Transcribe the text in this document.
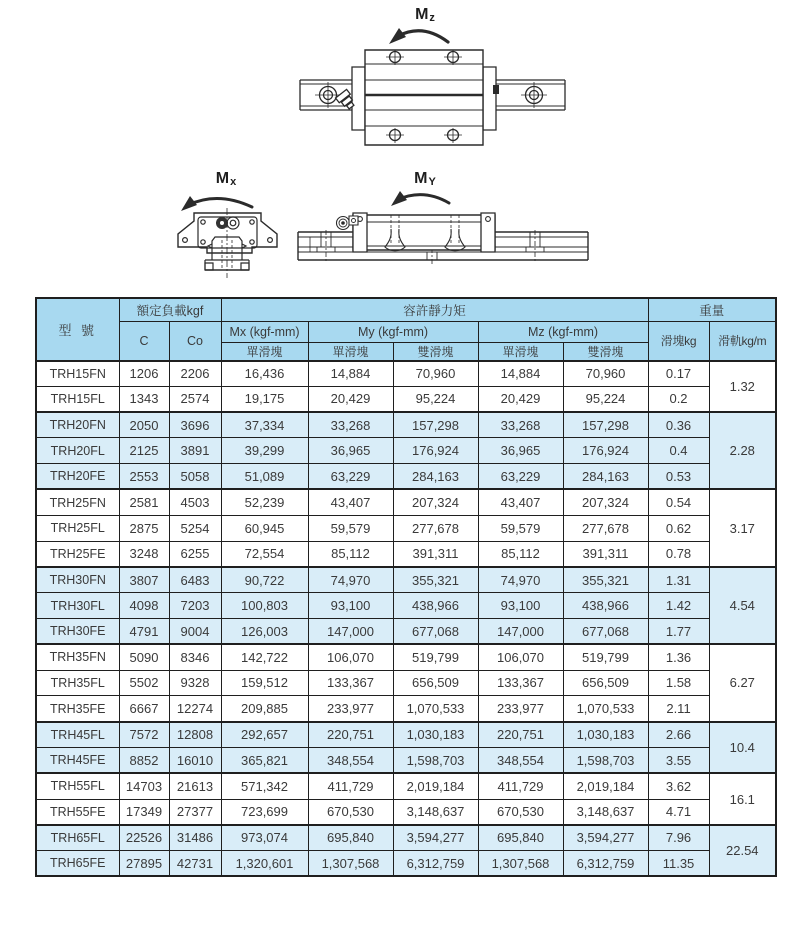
Mz
Mx	MY
型 號	額定負載kgf		容許靜力矩					重量	
	C	Co	Mx (kgf-mm)	My (kgf-mm)		Mz (kgf-mm)		滑塊kg	滑軌kg/m
			單滑塊	單滑塊	雙滑塊	單滑塊	雙滑塊		
TRH15FN	1206	2206	16,436	14,884	70,960	14,884	70,960	0.17	1.32
TRH15FL	1343	2574	19,175	20,429	95,224	20,429	95,224	0.2	
TRH20FN	2050	3696	37,334	33,268	157,298	33,268	157,298	0.36	2.28
TRH20FL	2125	3891	39,299	36,965	176,924	36,965	176,924	0.4	
TRH20FE	2553	5058	51,089	63,229	284,163	63,229	284,163	0.53	
TRH25FN	2581	4503	52,239	43,407	207,324	43,407	207,324	0.54	3.17
TRH25FL	2875	5254	60,945	59,579	277,678	59,579	277,678	0.62	
TRH25FE	3248	6255	72,554	85,112	391,311	85,112	391,311	0.78	
TRH30FN	3807	6483	90,722	74,970	355,321	74,970	355,321	1.31	4.54
TRH30FL	4098	7203	100,803	93,100	438,966	93,100	438,966	1.42	
TRH30FE	4791	9004	126,003	147,000	677,068	147,000	677,068	1.77	
TRH35FN	5090	8346	142,722	106,070	519,799	106,070	519,799	1.36	6.27
TRH35FL	5502	9328	159,512	133,367	656,509	133,367	656,509	1.58	
TRH35FE	6667	12274	209,885	233,977	1,070,533	233,977	1,070,533	2.11	
TRH45FL	7572	12808	292,657	220,751	1,030,183	220,751	1,030,183	2.66	10.4
TRH45FE	8852	16010	365,821	348,554	1,598,703	348,554	1,598,703	3.55	
TRH55FL	14703	21613	571,342	411,729	2,019,184	411,729	2,019,184	3.62	16.1
TRH55FE	17349	27377	723,699	670,530	3,148,637	670,530	3,148,637	4.71	
TRH65FL	22526	31486	973,074	695,840	3,594,277	695,840	3,594,277	7.96	22.54
TRH65FE	27895	42731	1,320,601	1,307,568	6,312,759	1,307,568	6,312,759	11.35	
